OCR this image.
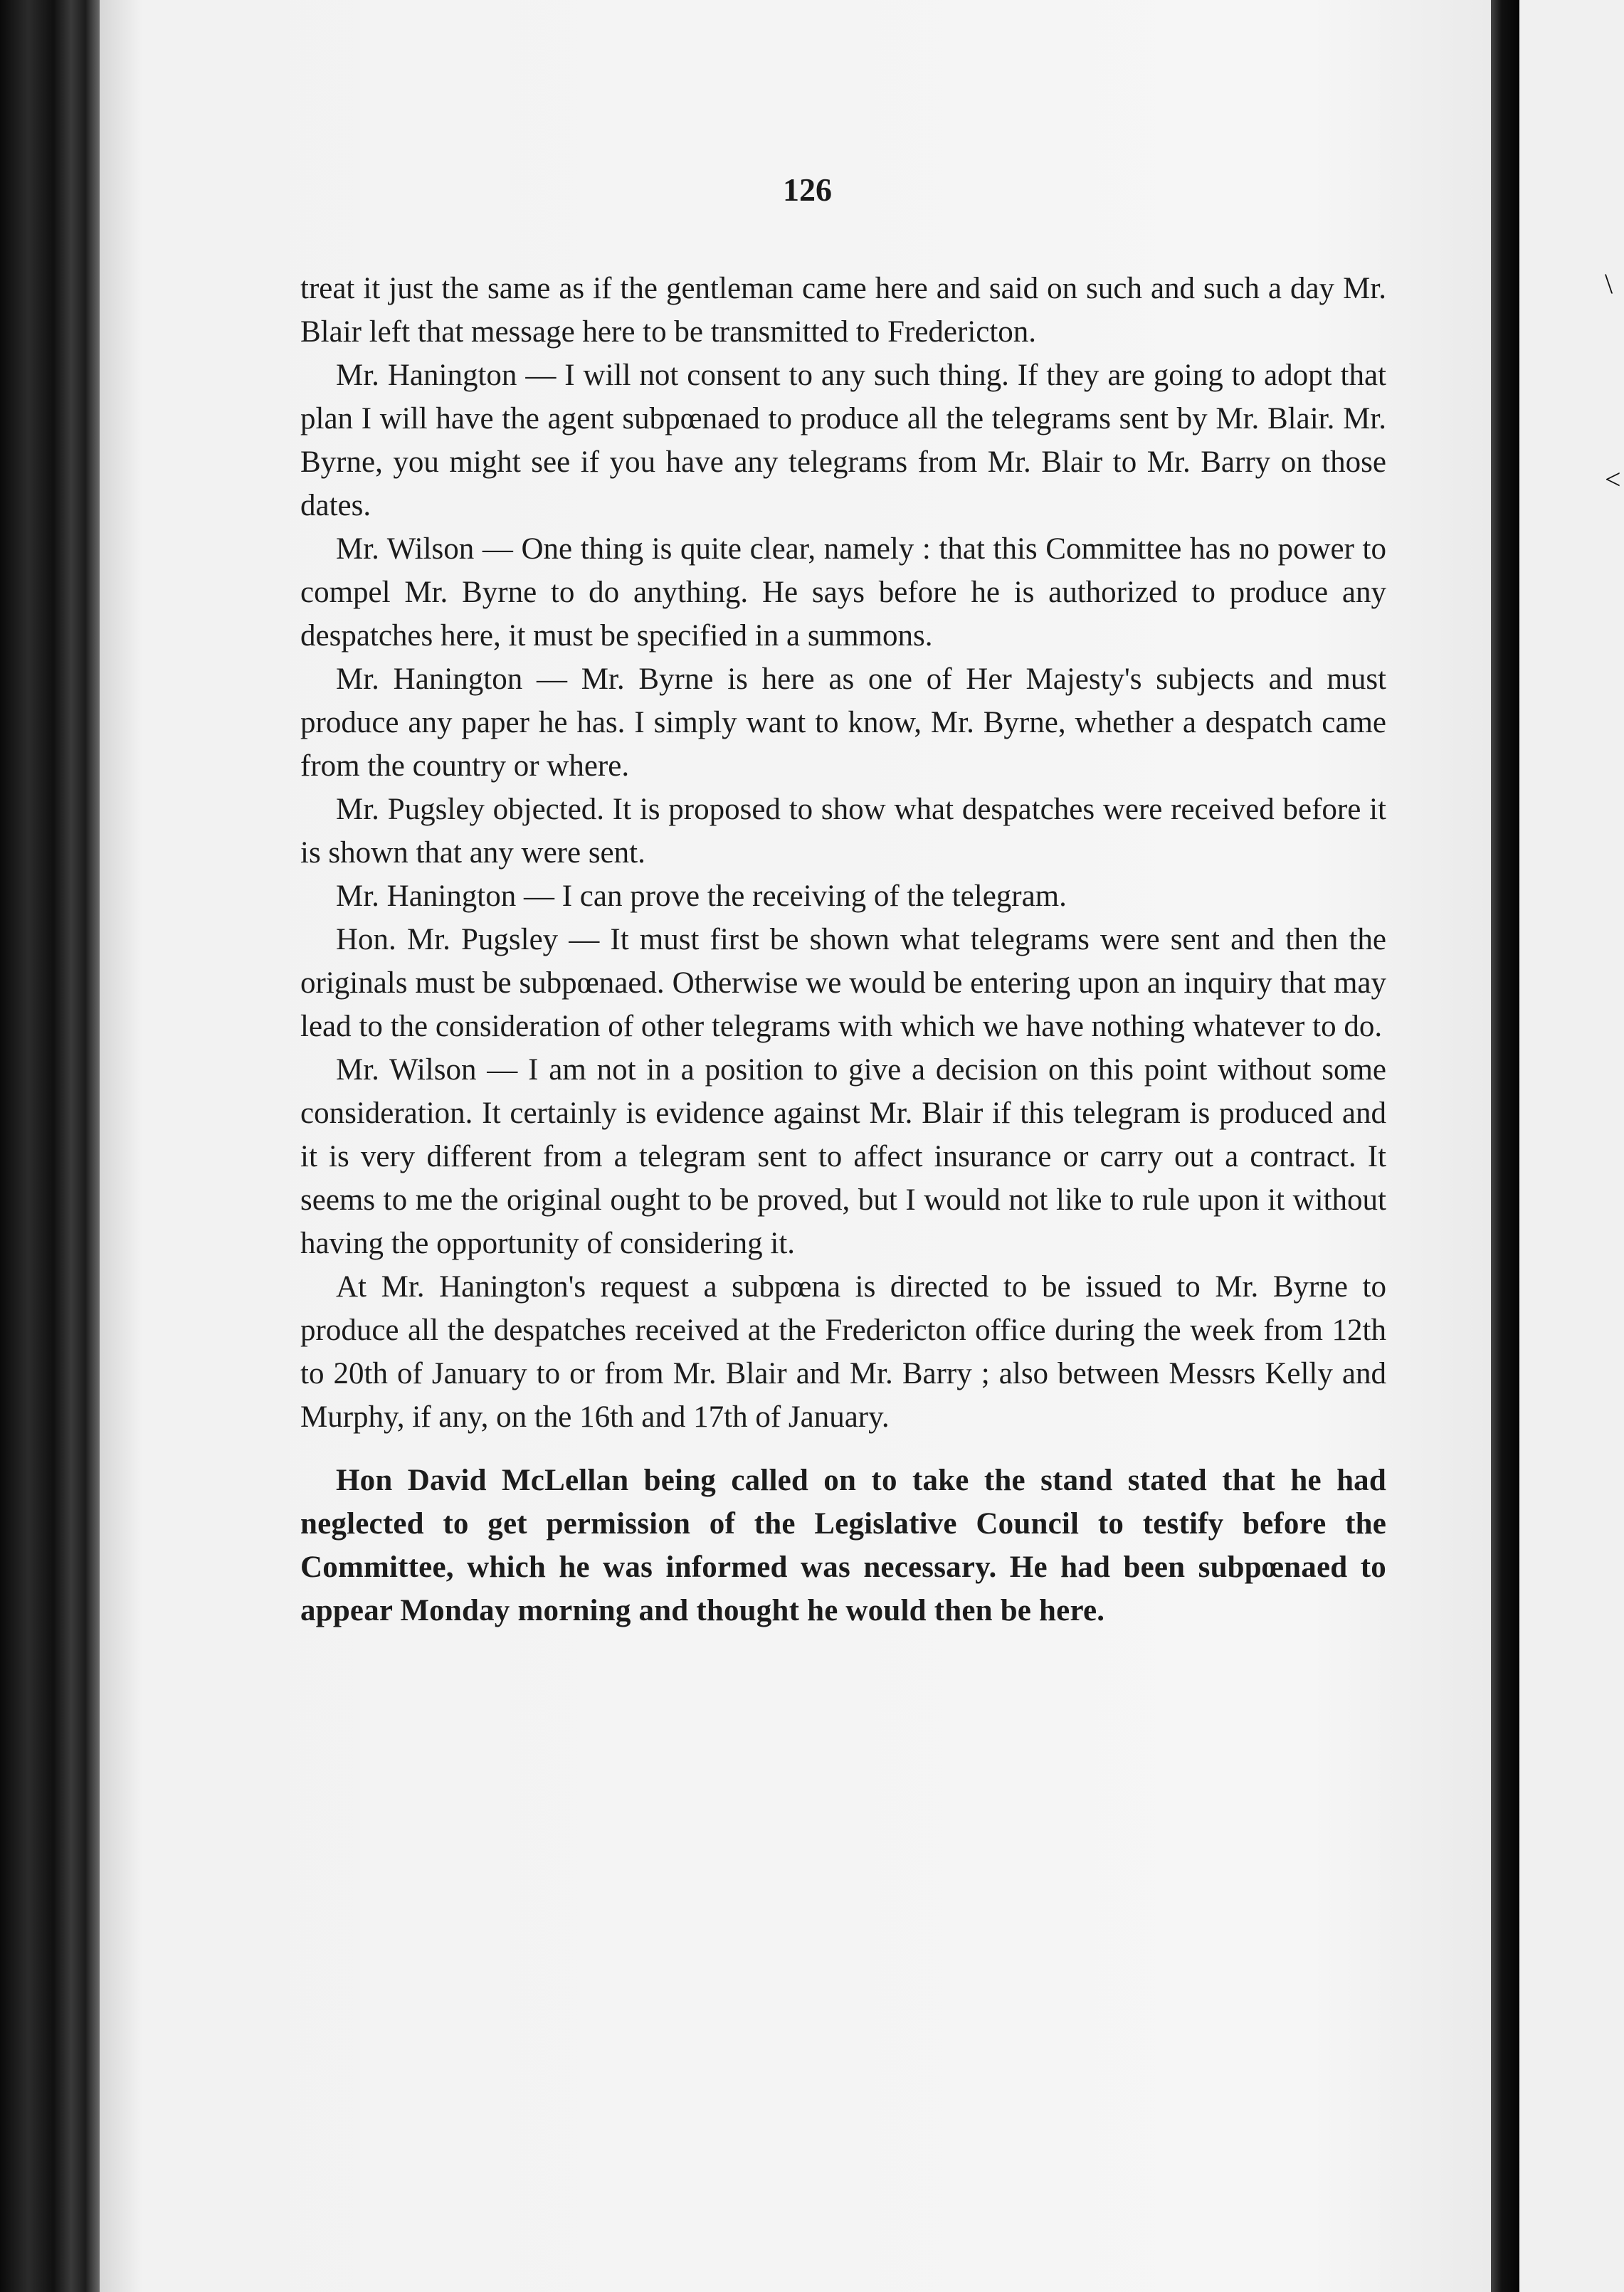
\
<
126

treat it just the same as if the gentleman came here and said on such and such a day Mr. Blair left that message here to be transmitted to Fredericton.

Mr. Hanington — I will not consent to any such thing. If they are going to adopt that plan I will have the agent subpœnaed to produce all the telegrams sent by Mr. Blair. Mr. Byrne, you might see if you have any telegrams from Mr. Blair to Mr. Barry on those dates.

Mr. Wilson — One thing is quite clear, namely : that this Committee has no power to compel Mr. Byrne to do anything. He says before he is authorized to produce any despatches here, it must be specified in a summons.

Mr. Hanington — Mr. Byrne is here as one of Her Majesty's subjects and must produce any paper he has. I simply want to know, Mr. Byrne, whether a despatch came from the country or where.

Mr. Pugsley objected. It is proposed to show what despatches were received before it is shown that any were sent.

Mr. Hanington — I can prove the receiving of the telegram.

Hon. Mr. Pugsley — It must first be shown what telegrams were sent and then the originals must be subpœnaed. Otherwise we would be entering upon an inquiry that may lead to the consideration of other telegrams with which we have nothing whatever to do.

Mr. Wilson — I am not in a position to give a decision on this point without some consideration. It certainly is evidence against Mr. Blair if this telegram is produced and it is very different from a telegram sent to affect insurance or carry out a contract. It seems to me the original ought to be proved, but I would not like to rule upon it without having the opportunity of considering it.

At Mr. Hanington's request a subpœna is directed to be issued to Mr. Byrne to produce all the despatches received at the Fredericton office during the week from 12th to 20th of January to or from Mr. Blair and Mr. Barry ; also between Messrs Kelly and Murphy, if any, on the 16th and 17th of January.

Hon David McLellan being called on to take the stand stated that he had neglected to get permission of the Legislative Council to testify before the Committee, which he was informed was necessary. He had been subpœnaed to appear Monday morning and thought he would then be here.
